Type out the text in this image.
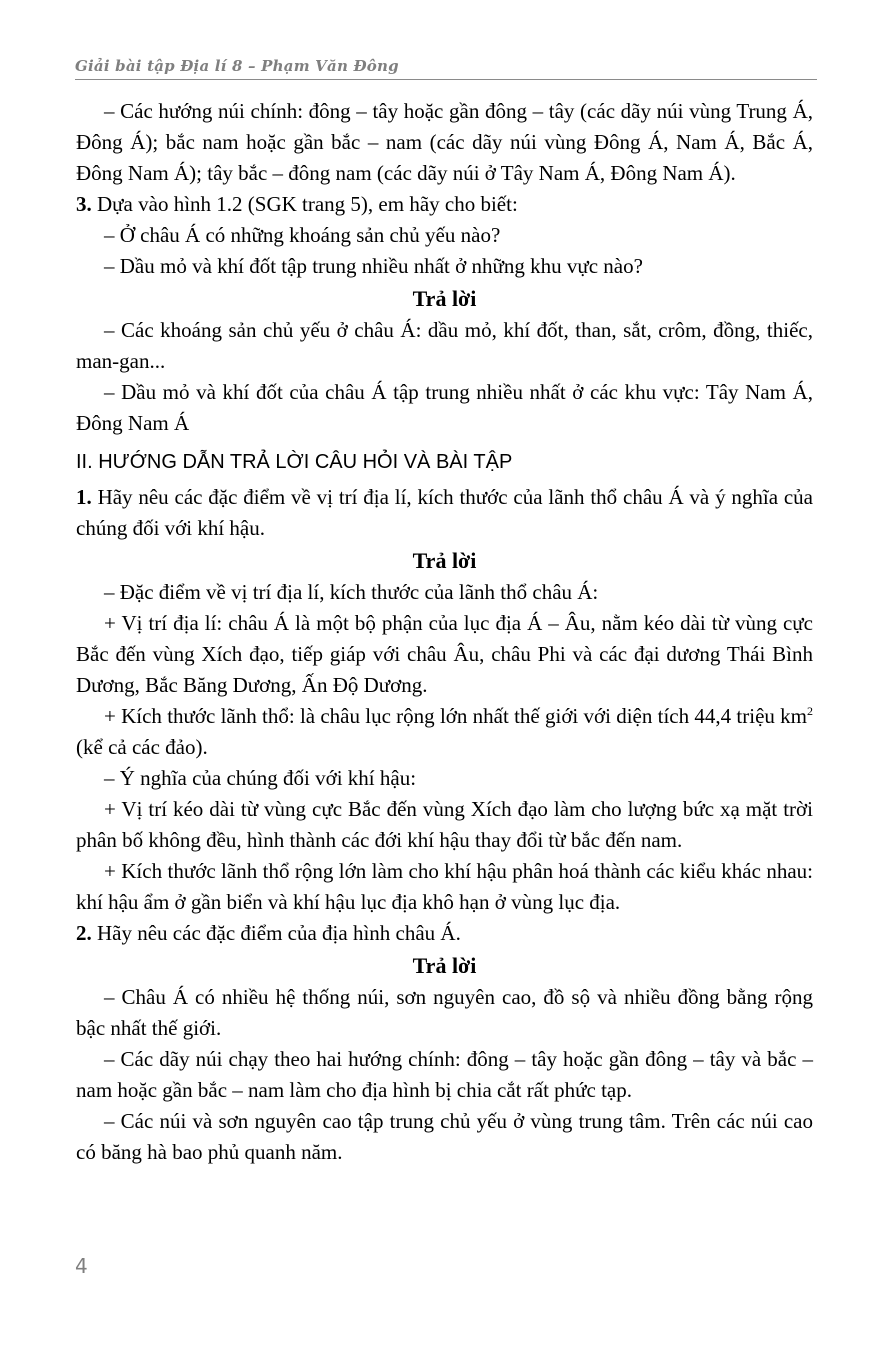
Giải bài tập Địa lí 8 – Phạm Văn Đông

– Các hướng núi chính: đông – tây hoặc gần đông – tây (các dãy núi vùng Trung Á, Đông Á); bắc nam hoặc gần bắc – nam (các dãy núi vùng Đông Á, Nam Á, Bắc Á, Đông Nam Á); tây bắc – đông nam (các dãy núi ở Tây Nam Á, Đông Nam Á).

3. Dựa vào hình 1.2 (SGK trang 5), em hãy cho biết:

– Ở châu Á có những khoáng sản chủ yếu nào?

– Dầu mỏ và khí đốt tập trung nhiều nhất ở những khu vực nào?

Trả lời

– Các khoáng sản chủ yếu ở châu Á: dầu mỏ, khí đốt, than, sắt, crôm, đồng, thiếc, man-gan...

– Dầu mỏ và khí đốt của châu Á tập trung nhiều nhất ở các khu vực: Tây Nam Á, Đông Nam Á

II. HƯỚNG DẪN TRẢ LỜI CÂU HỎI VÀ BÀI TẬP

1. Hãy nêu các đặc điểm về vị trí địa lí, kích thước của lãnh thổ châu Á và ý nghĩa của chúng đối với khí hậu.

Trả lời

– Đặc điểm về vị trí địa lí, kích thước của lãnh thổ châu Á:

+ Vị trí địa lí: châu Á là một bộ phận của lục địa Á – Âu, nằm kéo dài từ vùng cực Bắc đến vùng Xích đạo, tiếp giáp với châu Âu, châu Phi và các đại dương Thái Bình Dương, Bắc Băng Dương, Ấn Độ Dương.

+ Kích thước lãnh thổ: là châu lục rộng lớn nhất thế giới với diện tích 44,4 triệu $km^2$ (kể cả các đảo).

– Ý nghĩa của chúng đối với khí hậu:

+ Vị trí kéo dài từ vùng cực Bắc đến vùng Xích đạo làm cho lượng bức xạ mặt trời phân bố không đều, hình thành các đới khí hậu thay đổi từ bắc đến nam.

+ Kích thước lãnh thổ rộng lớn làm cho khí hậu phân hoá thành các kiểu khác nhau: khí hậu ẩm ở gần biển và khí hậu lục địa khô hạn ở vùng lục địa.

2. Hãy nêu các đặc điểm của địa hình châu Á.

Trả lời

– Châu Á có nhiều hệ thống núi, sơn nguyên cao, đồ sộ và nhiều đồng bằng rộng bậc nhất thế giới.

– Các dãy núi chạy theo hai hướng chính: đông – tây hoặc gần đông – tây và bắc – nam hoặc gần bắc – nam làm cho địa hình bị chia cắt rất phức tạp.

– Các núi và sơn nguyên cao tập trung chủ yếu ở vùng trung tâm. Trên các núi cao có băng hà bao phủ quanh năm.

4
